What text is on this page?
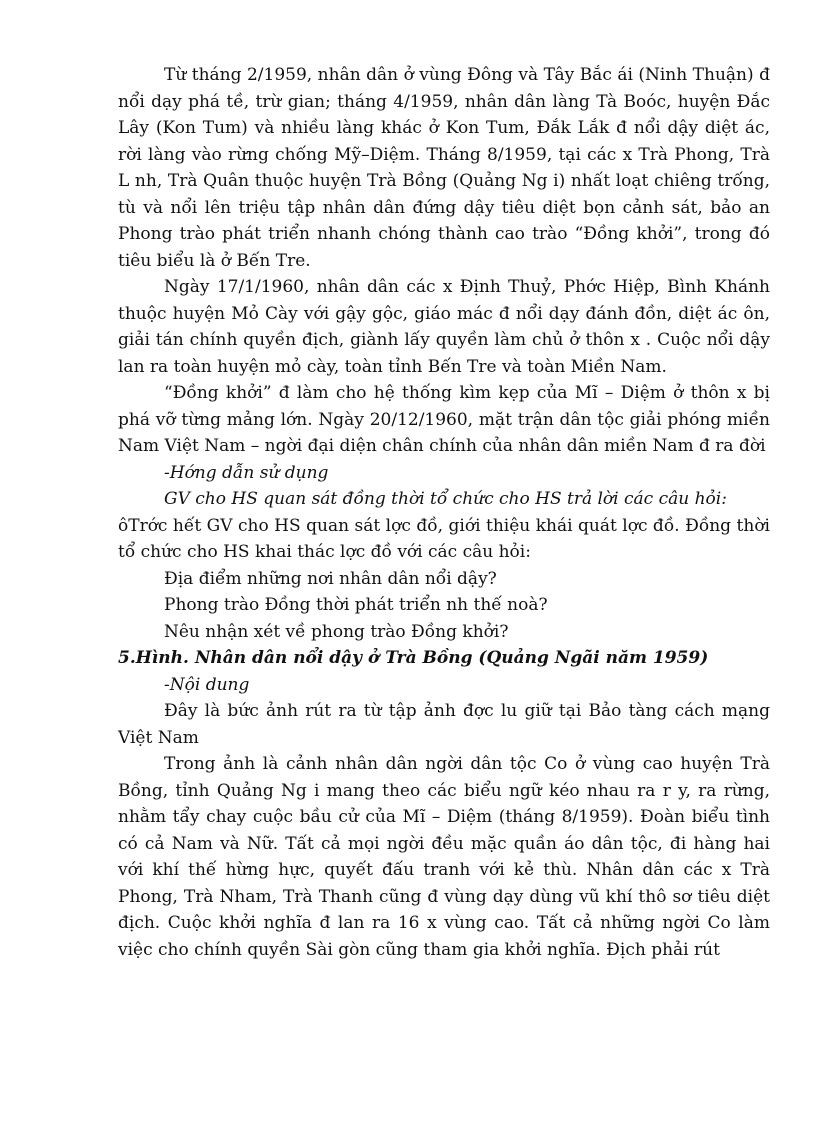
Từ tháng 2/1959, nhân dân ở vùng Đông và Tây Bắc ái (Ninh Thuận) đ nổi dạy phá tề, trừ gian; tháng 4/1959, nhân dân làng Tà Boóc, huyện Đắc Lây (Kon Tum) và nhiều làng khác ở Kon Tum, Đắk Lắk đ nổi dậy diệt ác, rời làng vào rừng chống Mỹ–Diệm. Tháng 8/1959, tại các x Trà Phong, Trà L nh, Trà Quân thuộc huyện Trà Bồng (Quảng Ng i) nhất loạt chiêng trống, tù và nổi lên triệu tập nhân dân đứng dậy tiêu diệt bọn cảnh sát, bảo an Phong trào phát triển nhanh chóng thành cao trào “Đồng khởi”, trong đó tiêu biểu là ở Bến Tre.

Ngày 17/1/1960, nhân dân các x Định Thuỷ, Phớc Hiệp, Bình Khánh thuộc huyện Mỏ Cày với gậy gộc, giáo mác đ nổi dạy đánh đồn, diệt ác ôn, giải tán chính quyền địch, giành lấy quyền làm chủ ở thôn x . Cuộc nổi dậy lan ra toàn huyện mỏ cày, toàn tỉnh Bến Tre và toàn Miền Nam.

“Đồng khởi” đ làm cho hệ thống kìm kẹp của Mĩ – Diệm ở thôn x bị phá vỡ từng mảng lớn. Ngày 20/12/1960, mặt trận dân tộc giải phóng miền Nam Việt Nam – ngời đại diện chân chính của nhân dân miền Nam đ ra đời

-Hớng dẫn sử dụng

GV cho HS quan sát đồng thời tổ chức cho HS trả lời các câu hỏi:

ôTrớc hết GV cho HS quan sát lợc đồ, giới thiệu khái quát lợc đồ. Đồng thời tổ chức cho HS khai thác lợc đồ với các câu hỏi:

Địa điểm những nơi nhân dân nổi dậy?

Phong trào Đồng thời phát triển nh thế noà?

Nêu nhận xét về phong trào Đồng khởi?

5.Hình. Nhân dân nổi dậy ở Trà Bồng (Quảng Ngãi năm 1959)

-Nội dung

Đây là bức ảnh rút ra từ tập ảnh đợc lu giữ tại Bảo tàng cách mạng Việt Nam

Trong ảnh là cảnh nhân dân ngời dân tộc Co ở vùng cao huyện Trà Bồng, tỉnh Quảng Ng i mang theo các biểu ngữ kéo nhau ra r y, ra rừng, nhằm tẩy chay cuộc bầu cử của Mĩ – Diệm (tháng 8/1959). Đoàn biểu tình có cả Nam và Nữ. Tất cả mọi ngời đều mặc quần áo dân tộc, đi hàng hai với khí thế hừng hực, quyết đấu tranh với kẻ thù. Nhân dân các x Trà Phong, Trà Nham, Trà Thanh cũng đ vùng dạy dùng vũ khí thô sơ tiêu diệt địch. Cuộc khởi nghĩa đ lan ra 16 x vùng cao. Tất cả những ngời Co làm việc cho chính quyền Sài gòn cũng tham gia khởi nghĩa. Địch phải rút
